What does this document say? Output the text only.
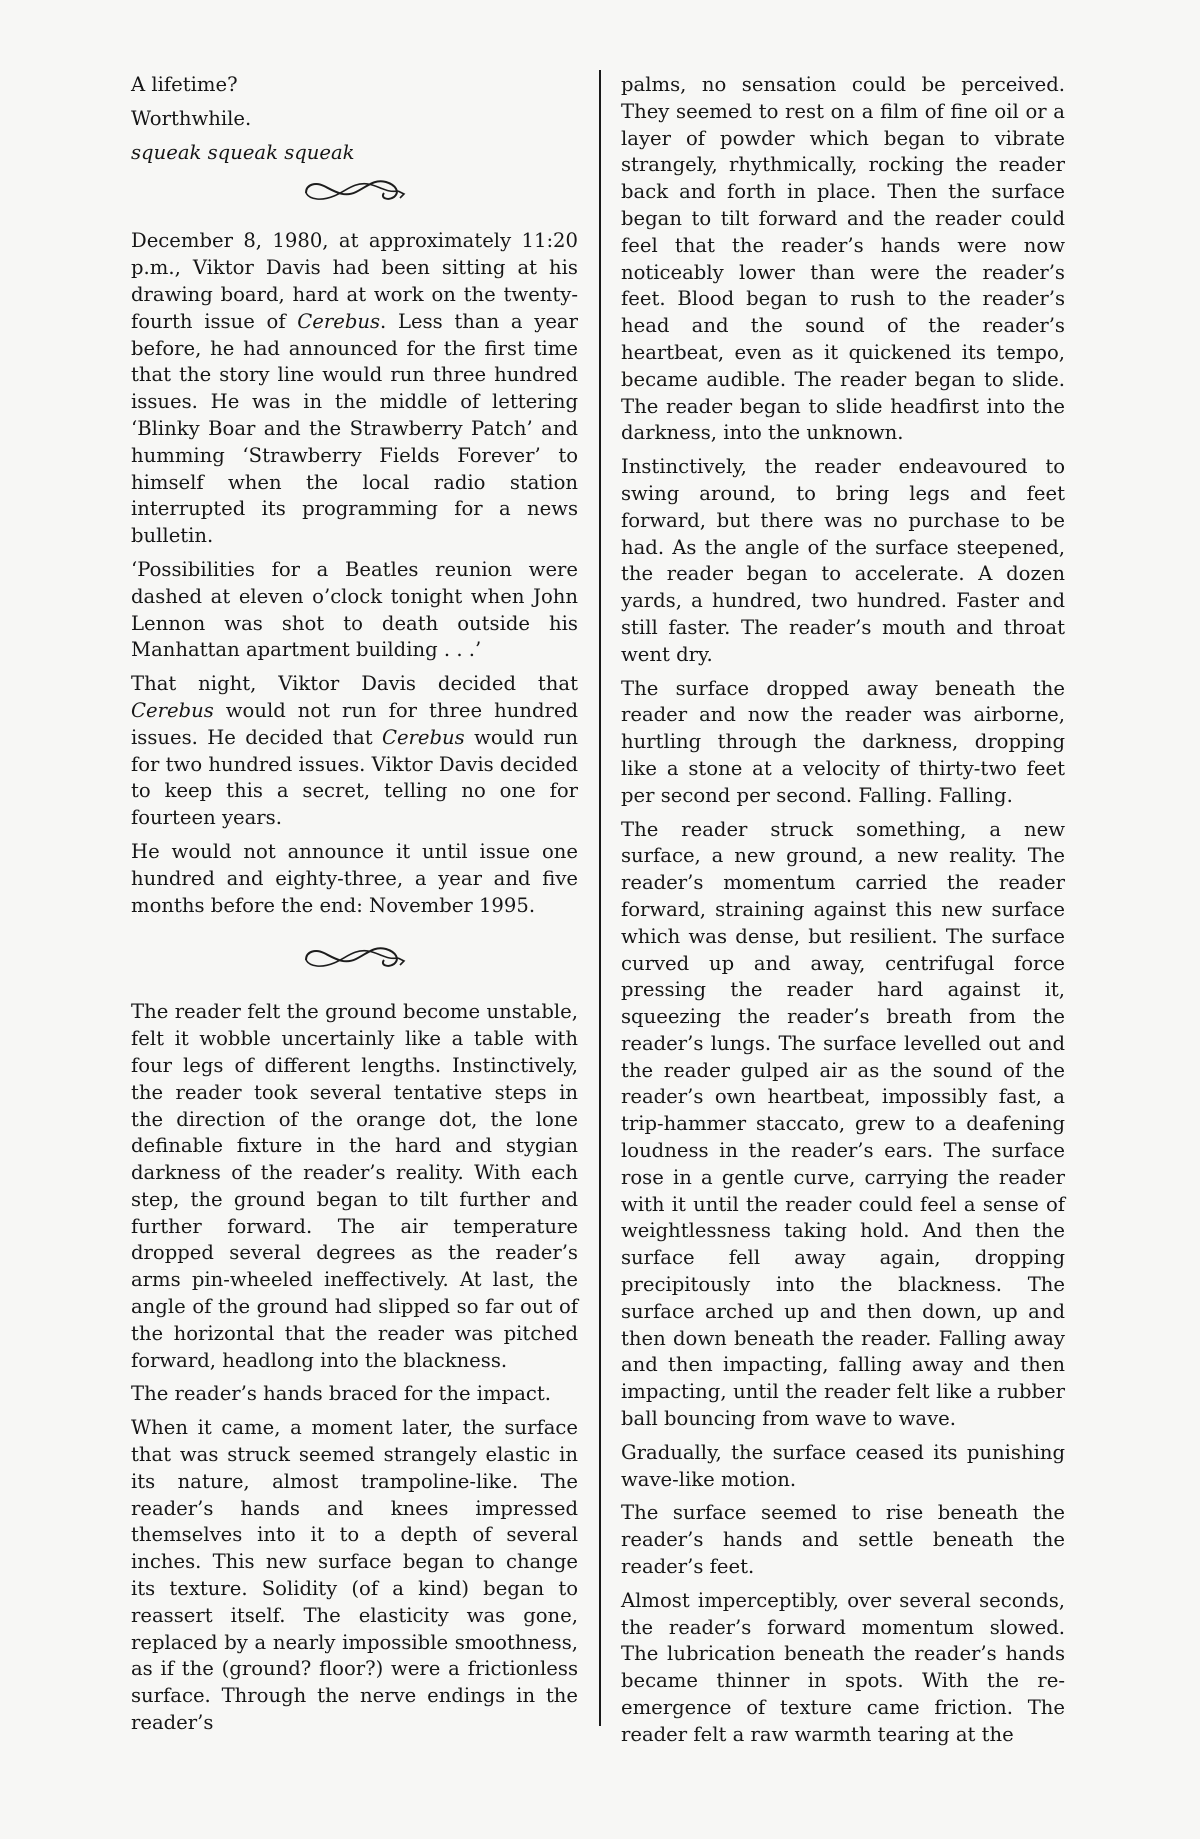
A lifetime?

Worthwhile.

squeak squeak squeak

December 8, 1980, at approximately 11:20 p.m., Viktor Davis had been sitting at his drawing board, hard at work on the twenty-fourth issue of Cerebus. Less than a year before, he had announced for the first time that the story line would run three hundred issues. He was in the middle of lettering ‘Blinky Boar and the Strawberry Patch’ and humming ‘Strawberry Fields Forever’ to himself when the local radio station interrupted its programming for a news bulletin.

‘Possibilities for a Beatles reunion were dashed at eleven o’clock tonight when John Lennon was shot to death outside his Manhattan apartment building . . .’

That night, Viktor Davis decided that Cerebus would not run for three hundred issues. He decided that Cerebus would run for two hundred issues. Viktor Davis decided to keep this a secret, telling no one for fourteen years.

He would not announce it until issue one hundred and eighty-three, a year and five months before the end: November 1995.

The reader felt the ground become unstable, felt it wobble uncertainly like a table with four legs of different lengths. Instinctively, the reader took several tentative steps in the direction of the orange dot, the lone definable fixture in the hard and stygian darkness of the reader’s reality. With each step, the ground began to tilt further and further forward. The air temperature dropped several degrees as the reader’s arms pin-wheeled ineffectively. At last, the angle of the ground had slipped so far out of the horizontal that the reader was pitched forward, headlong into the blackness.

The reader’s hands braced for the impact.

When it came, a moment later, the surface that was struck seemed strangely elastic in its nature, almost trampoline-like. The reader’s hands and knees impressed themselves into it to a depth of several inches. This new surface began to change its texture. Solidity (of a kind) began to reassert itself. The elasticity was gone, replaced by a nearly impossible smoothness, as if the (ground? floor?) were a frictionless surface. Through the nerve endings in the reader’s

palms, no sensation could be perceived. They seemed to rest on a film of fine oil or a layer of powder which began to vibrate strangely, rhythmically, rocking the reader back and forth in place. Then the surface began to tilt forward and the reader could feel that the reader’s hands were now noticeably lower than were the reader’s feet. Blood began to rush to the reader’s head and the sound of the reader’s heartbeat, even as it quickened its tempo, became audible. The reader began to slide. The reader began to slide headfirst into the darkness, into the unknown.

Instinctively, the reader endeavoured to swing around, to bring legs and feet forward, but there was no purchase to be had. As the angle of the surface steepened, the reader began to accelerate. A dozen yards, a hundred, two hundred. Faster and still faster. The reader’s mouth and throat went dry.

The surface dropped away beneath the reader and now the reader was airborne, hurtling through the darkness, dropping like a stone at a velocity of thirty-two feet per second per second. Falling. Falling.

The reader struck something, a new surface, a new ground, a new reality. The reader’s momentum carried the reader forward, straining against this new surface which was dense, but resilient. The surface curved up and away, centrifugal force pressing the reader hard against it, squeezing the reader’s breath from the reader’s lungs. The surface levelled out and the reader gulped air as the sound of the reader’s own heartbeat, impossibly fast, a trip-hammer staccato, grew to a deafening loudness in the reader’s ears. The surface rose in a gentle curve, carrying the reader with it until the reader could feel a sense of weightlessness taking hold. And then the surface fell away again, dropping precipitously into the blackness. The surface arched up and then down, up and then down beneath the reader. Falling away and then impacting, falling away and then impacting, until the reader felt like a rubber ball bouncing from wave to wave.

Gradually, the surface ceased its punishing wave-like motion.

The surface seemed to rise beneath the reader’s hands and settle beneath the reader’s feet.

Almost imperceptibly, over several seconds, the reader’s forward momentum slowed. The lubrication beneath the reader’s hands became thinner in spots. With the re-emergence of texture came friction. The reader felt a raw warmth tearing at the
